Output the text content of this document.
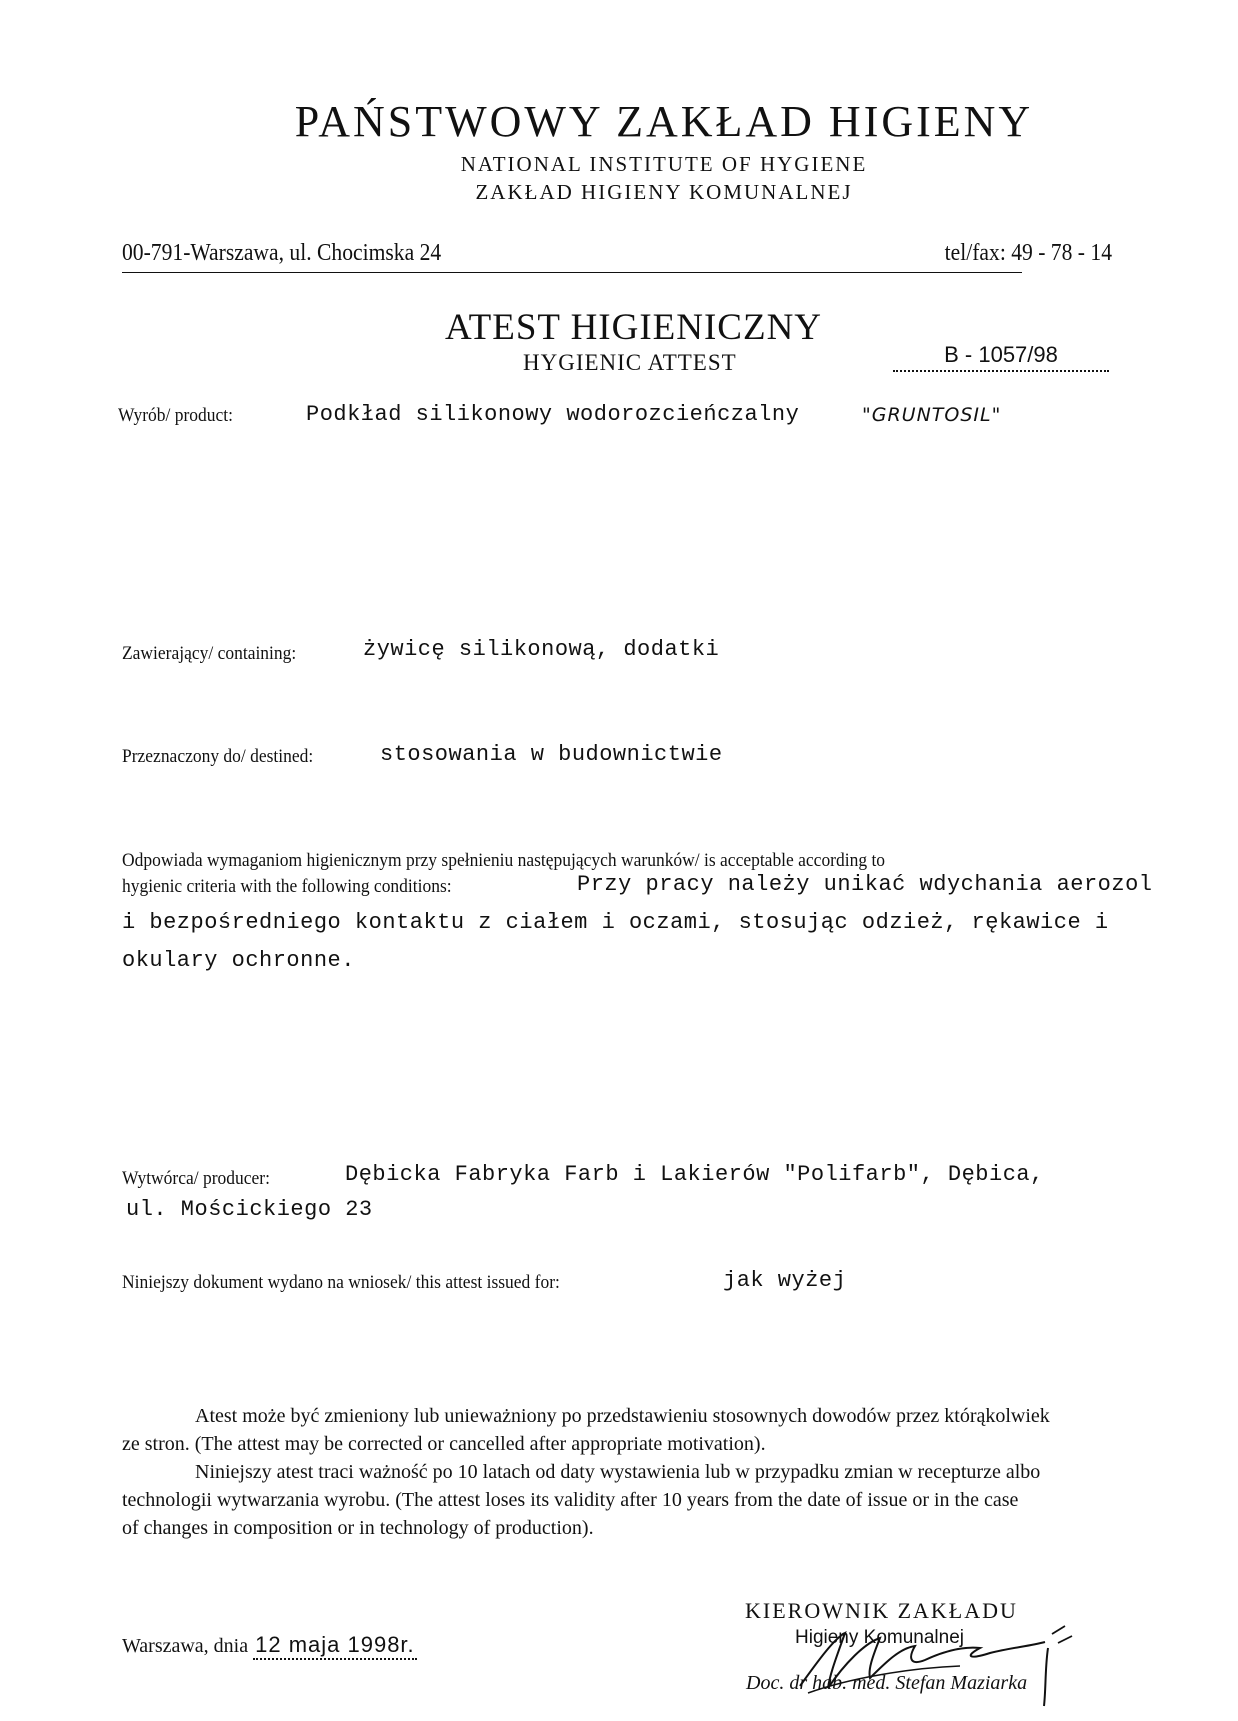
PAŃSTWOWY ZAKŁAD HIGIENY
NATIONAL INSTITUTE OF HYGIENE
ZAKŁAD HIGIENY KOMUNALNEJ
00-791-Warszawa, ul. Chocimska 24	tel/fax: 49 - 78 - 14
ATEST HIGIENICZNY
HYGIENIC ATTEST	B - 1057/98
Wyrób/ product:	Podkład silikonowy wodorozcieńczalny	"GRUNTOSIL"
Zawierający/ containing:	żywicę silikonową, dodatki
Przeznaczony do/ destined:	stosowania w budownictwie
Odpowiada wymaganiom higienicznym przy spełnieniu następujących warunków/ is acceptable according to
hygienic criteria with the following conditions:	Przy pracy należy unikać wdychania aerozol
i bezpośredniego kontaktu z ciałem i oczami, stosując odzież, rękawice i
okulary ochronne.
Wytwórca/ producer:	Dębicka Fabryka Farb i Lakierów "Polifarb", Dębica,
ul. Mościckiego 23
Niniejszy dokument wydano na wniosek/ this attest issued for:	jak wyżej
Atest może być zmieniony lub unieważniony po przedstawieniu stosownych dowodów przez którąkolwiek
ze stron. (The attest may be corrected or cancelled after appropriate motivation).
Niniejszy atest traci ważność po 10 latach od daty wystawienia lub w przypadku zmian w recepturze albo
technologii wytwarzania wyrobu. (The attest loses its validity after 10 years from the date of issue or in the case
of changes in composition or in technology of production).
Warszawa, dnia 12 maja 1998r.
KIEROWNIK ZAKŁADU
Higieny Komunalnej
Doc. dr hab. med. Stefan Maziarka
